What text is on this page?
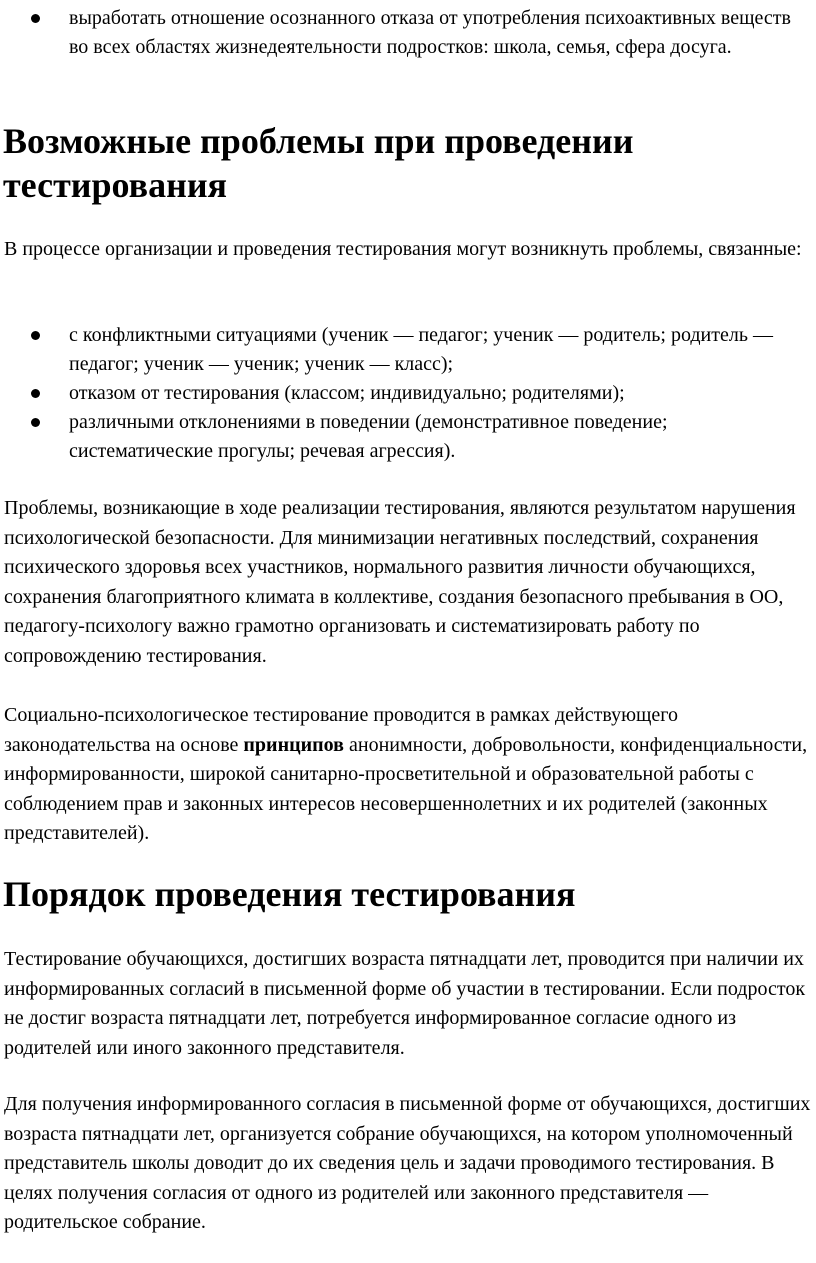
выработать отношение осознанного отказа от употребления психоактивных веществ во всех областях жизнедеятельности подростков: школа, семья, сфера досуга.
Возможные проблемы при проведении тестирования

В процессе организации и проведения тестирования могут возникнуть проблемы, связанные:

с конфликтными ситуациями (ученик — педагог; ученик — родитель; родитель — педагог; ученик — ученик; ученик — класс);
отказом от тестирования (классом; индивидуально; родителями);
различными отклонениями в поведении (демонстративное поведение; систематические прогулы; речевая агрессия).

Проблемы, возникающие в ходе реализации тестирования, являются результатом нарушения психологической безопасности. Для минимизации негативных последствий, сохранения психического здоровья всех участников, нормального развития личности обучающихся, сохранения благоприятного климата в коллективе, создания безопасного пребывания в ОО, педагогу-психологу важно грамотно организовать и систематизировать работу по сопровождению тестирования.

Социально-психологическое тестирование проводится в рамках действующего законодательства на основе принципов анонимности, добровольности, конфиденциальности, информированности, широкой санитарно-просветительной и образовательной работы с соблюдением прав и законных интересов несовершеннолетних и их родителей (законных представителей).

Порядок проведения тестирования

Тестирование обучающихся, достигших возраста пятнадцати лет, проводится при наличии их информированных согласий в письменной форме об участии в тестировании. Если подросток не достиг возраста пятнадцати лет, потребуется информированное согласие одного из родителей или иного законного представителя.

Для получения информированного согласия в письменной форме от обучающихся, достигших возраста пятнадцати лет, организуется собрание обучающихся, на котором уполномоченный представитель школы доводит до их сведения цель и задачи проводимого тестирования. В целях получения согласия от одного из родителей или законного представителя — родительское собрание.
